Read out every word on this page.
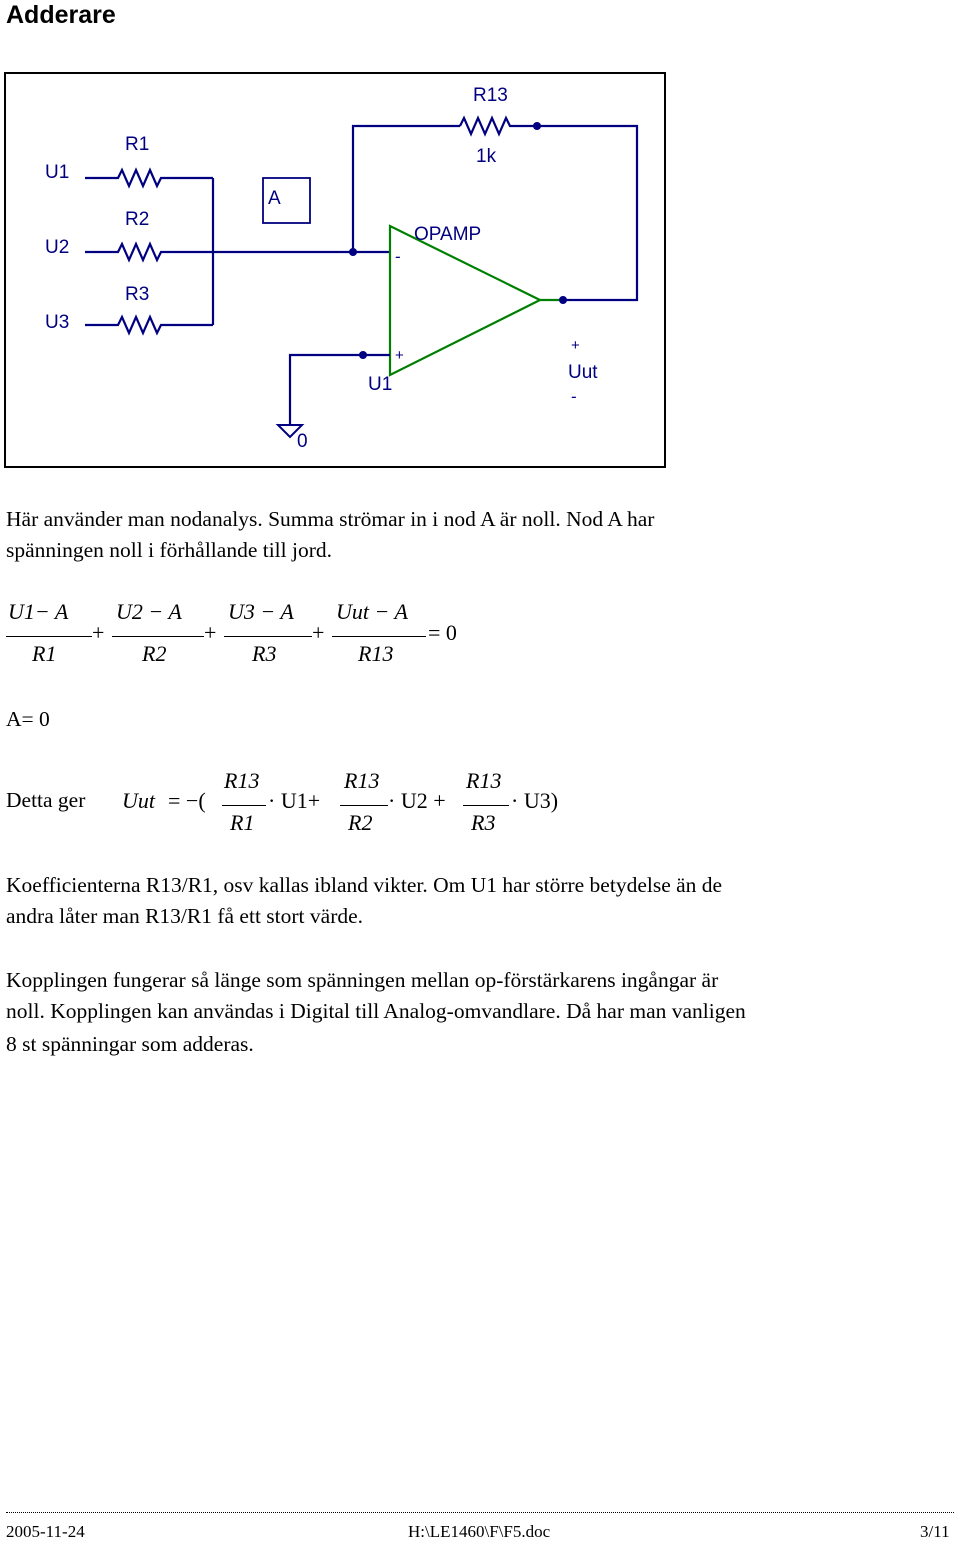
Adderare
R13
1k
R1
R2
R3
U1
U2
U3
A
OPAMP
-
+
U1
0
+
Uut
-
Här använder man nodanalys. Summa strömar in i nod A är noll. Nod A har
spänningen noll i förhållande till jord.
U1− A
R1
+
U2 − A
R2
+
U3 − A
R3
+
Uut − A
R13
= 0
A= 0
Detta ger Uut = −(
R13
R1
· U1+
R13
R2
· U2 +
R13
R3
· U3)
Koefficienterna R13/R1, osv kallas ibland vikter. Om U1 har större betydelse än de
andra låter man R13/R1 få ett stort värde.
Kopplingen fungerar så länge som spänningen mellan op-förstärkarens ingångar är
noll. Kopplingen kan användas i Digital till Analog-omvandlare. Då har man vanligen
8 st spänningar som adderas.
2005-11-24	H:\LE1460\F\F5.doc	3/11
